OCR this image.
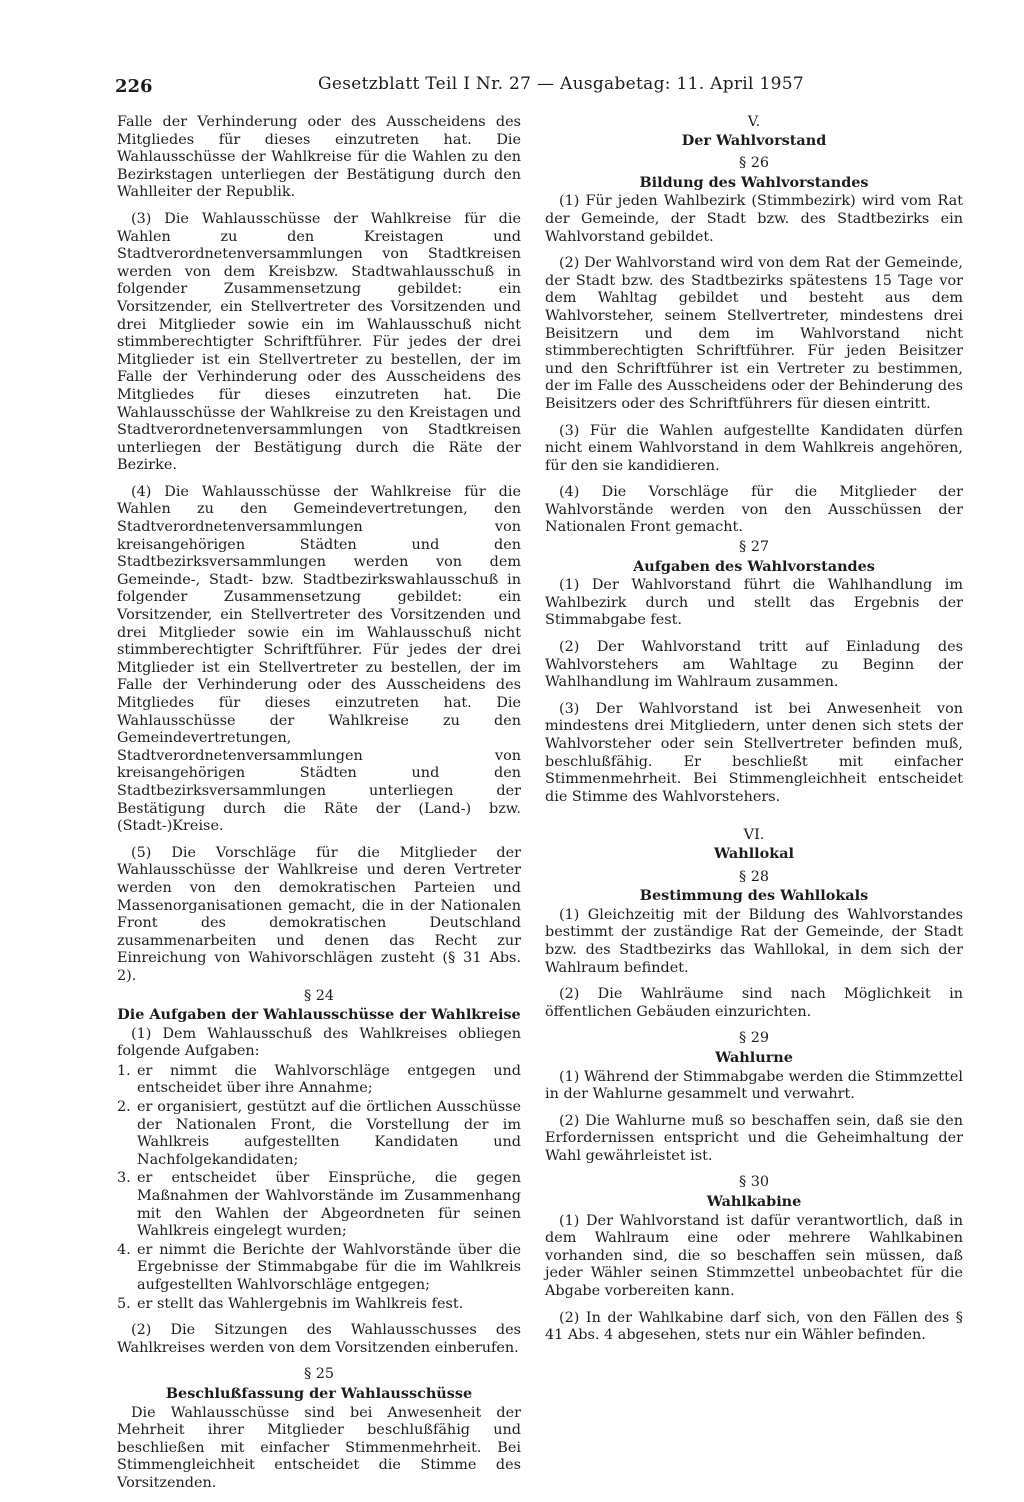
226	Gesetzblatt Teil I Nr. 27 — Ausgabetag: 11. April 1957

Falle der Verhinderung oder des Ausscheidens des Mitgliedes für dieses einzutreten hat. Die Wahlausschüsse der Wahlkreise für die Wahlen zu den Bezirkstagen unterliegen der Bestätigung durch den Wahlleiter der Republik.

(3) Die Wahlausschüsse der Wahlkreise für die Wahlen zu den Kreistagen und Stadtverordnetenversammlungen von Stadtkreisen werden von dem Kreisbzw. Stadtwahlausschuß in folgender Zusammensetzung gebildet: ein Vorsitzender, ein Stellvertreter des Vorsitzenden und drei Mitglieder sowie ein im Wahlausschuß nicht stimmberechtigter Schriftführer. Für jedes der drei Mitglieder ist ein Stellvertreter zu bestellen, der im Falle der Verhinderung oder des Ausscheidens des Mitgliedes für dieses einzutreten hat. Die Wahlausschüsse der Wahlkreise zu den Kreistagen und Stadtverordnetenversammlungen von Stadtkreisen unterliegen der Bestätigung durch die Räte der Bezirke.

(4) Die Wahlausschüsse der Wahlkreise für die Wahlen zu den Gemeindevertretungen, den Stadtverordnetenversammlungen von kreisangehörigen Städten und den Stadtbezirksversammlungen werden von dem Gemeinde-, Stadt- bzw. Stadtbezirkswahlausschuß in folgender Zusammensetzung gebildet: ein Vorsitzender, ein Stellvertreter des Vorsitzenden und drei Mitglieder sowie ein im Wahlausschuß nicht stimmberechtigter Schriftführer. Für jedes der drei Mitglieder ist ein Stellvertreter zu bestellen, der im Falle der Verhinderung oder des Ausscheidens des Mitgliedes für dieses einzutreten hat. Die Wahlausschüsse der Wahlkreise zu den Gemeindevertretungen, Stadtverordnetenversammlungen von kreisangehörigen Städten und den Stadtbezirksversammlungen unterliegen der Bestätigung durch die Räte der (Land-) bzw. (Stadt-)Kreise.

(5) Die Vorschläge für die Mitglieder der Wahlausschüsse der Wahlkreise und deren Vertreter werden von den demokratischen Parteien und Massenorganisationen gemacht, die in der Nationalen Front des demokratischen Deutschland zusammenarbeiten und denen das Recht zur Einreichung von Wahivorschlägen zusteht (§ 31 Abs. 2).

§ 24

Die Aufgaben der Wahlausschüsse der Wahlkreise

(1) Dem Wahlausschuß des Wahlkreises obliegen folgende Aufgaben:

1. er nimmt die Wahlvorschläge entgegen und entscheidet über ihre Annahme;
2. er organisiert, gestützt auf die örtlichen Ausschüsse der Nationalen Front, die Vorstellung der im Wahlkreis aufgestellten Kandidaten und Nachfolgekandidaten;
3. er entscheidet über Einsprüche, die gegen Maßnahmen der Wahlvorstände im Zusammenhang mit den Wahlen der Abgeordneten für seinen Wahlkreis eingelegt wurden;
4. er nimmt die Berichte der Wahlvorstände über die Ergebnisse der Stimmabgabe für die im Wahlkreis aufgestellten Wahlvorschläge entgegen;
5. er stellt das Wahlergebnis im Wahlkreis fest.

(2) Die Sitzungen des Wahlausschusses des Wahlkreises werden von dem Vorsitzenden einberufen.

§ 25

Beschlußfassung der Wahlausschüsse

Die Wahlausschüsse sind bei Anwesenheit der Mehrheit ihrer Mitglieder beschlußfähig und beschließen mit einfacher Stimmenmehrheit. Bei Stimmengleichheit entscheidet die Stimme des Vorsitzenden.

V.

Der Wahlvorstand

§ 26

Bildung des Wahlvorstandes

(1) Für jeden Wahlbezirk (Stimmbezirk) wird vom Rat der Gemeinde, der Stadt bzw. des Stadtbezirks ein Wahlvorstand gebildet.

(2) Der Wahlvorstand wird von dem Rat der Gemeinde, der Stadt bzw. des Stadtbezirks spätestens 15 Tage vor dem Wahltag gebildet und besteht aus dem Wahlvorsteher, seinem Stellvertreter, mindestens drei Beisitzern und dem im Wahlvorstand nicht stimmberechtigten Schriftführer. Für jeden Beisitzer und den Schriftführer ist ein Vertreter zu bestimmen, der im Falle des Ausscheidens oder der Behinderung des Beisitzers oder des Schriftführers für diesen eintritt.

(3) Für die Wahlen aufgestellte Kandidaten dürfen nicht einem Wahlvorstand in dem Wahlkreis angehören, für den sie kandidieren.

(4) Die Vorschläge für die Mitglieder der Wahlvorstände werden von den Ausschüssen der Nationalen Front gemacht.

§ 27

Aufgaben des Wahlvorstandes

(1) Der Wahlvorstand führt die Wahlhandlung im Wahlbezirk durch und stellt das Ergebnis der Stimmabgabe fest.

(2) Der Wahlvorstand tritt auf Einladung des Wahlvorstehers am Wahltage zu Beginn der Wahlhandlung im Wahlraum zusammen.

(3) Der Wahlvorstand ist bei Anwesenheit von mindestens drei Mitgliedern, unter denen sich stets der Wahlvorsteher oder sein Stellvertreter befinden muß, beschlußfähig. Er beschließt mit einfacher Stimmenmehrheit. Bei Stimmengleichheit entscheidet die Stimme des Wahlvorstehers.

VI.

Wahllokal

§ 28

Bestimmung des Wahllokals

(1) Gleichzeitig mit der Bildung des Wahlvorstandes bestimmt der zuständige Rat der Gemeinde, der Stadt bzw. des Stadtbezirks das Wahllokal, in dem sich der Wahlraum befindet.

(2) Die Wahlräume sind nach Möglichkeit in öffentlichen Gebäuden einzurichten.

§ 29

Wahlurne

(1) Während der Stimmabgabe werden die Stimmzettel in der Wahlurne gesammelt und verwahrt.

(2) Die Wahlurne muß so beschaffen sein, daß sie den Erfordernissen entspricht und die Geheimhaltung der Wahl gewährleistet ist.

§ 30

Wahlkabine

(1) Der Wahlvorstand ist dafür verantwortlich, daß in dem Wahlraum eine oder mehrere Wahlkabinen vorhanden sind, die so beschaffen sein müssen, daß jeder Wähler seinen Stimmzettel unbeobachtet für die Abgabe vorbereiten kann.

(2) In der Wahlkabine darf sich, von den Fällen des § 41 Abs. 4 abgesehen, stets nur ein Wähler befinden.
